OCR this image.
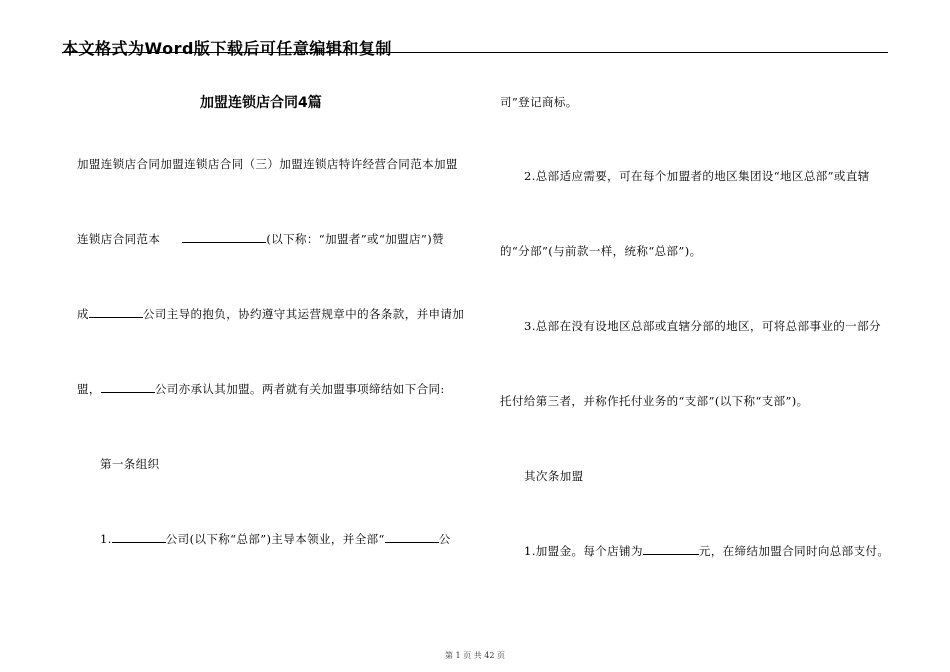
本文格式为Word版下载后可任意编辑和复制
加盟连锁店合同4篇
加盟连锁店合同加盟连锁店合同（三）加盟连锁店特许经营合同范本加盟
连锁店合同范本	(以下称：“加盟者”或“加盟店”)赞
成	公司主导的抱负，协约遵守其运营规章中的各条款，并申请加
盟，	公司亦承认其加盟。两者就有关加盟事项缔结如下合同:
第一条组织
1.	公司(以下称“总部”)主导本领业，并全部“	公
司”登记商标。
2.总部适应需要，可在每个加盟者的地区集团设“地区总部”或直辖
的“分部”(与前款一样，统称“总部”)。
3.总部在没有设地区总部或直辖分部的地区，可将总部事业的一部分
托付给第三者，并称作托付业务的“支部”(以下称“支部”)。
其次条加盟
1.加盟金。每个店铺为	元，在缔结加盟合同时向总部支付。
第 1 页 共 42 页
